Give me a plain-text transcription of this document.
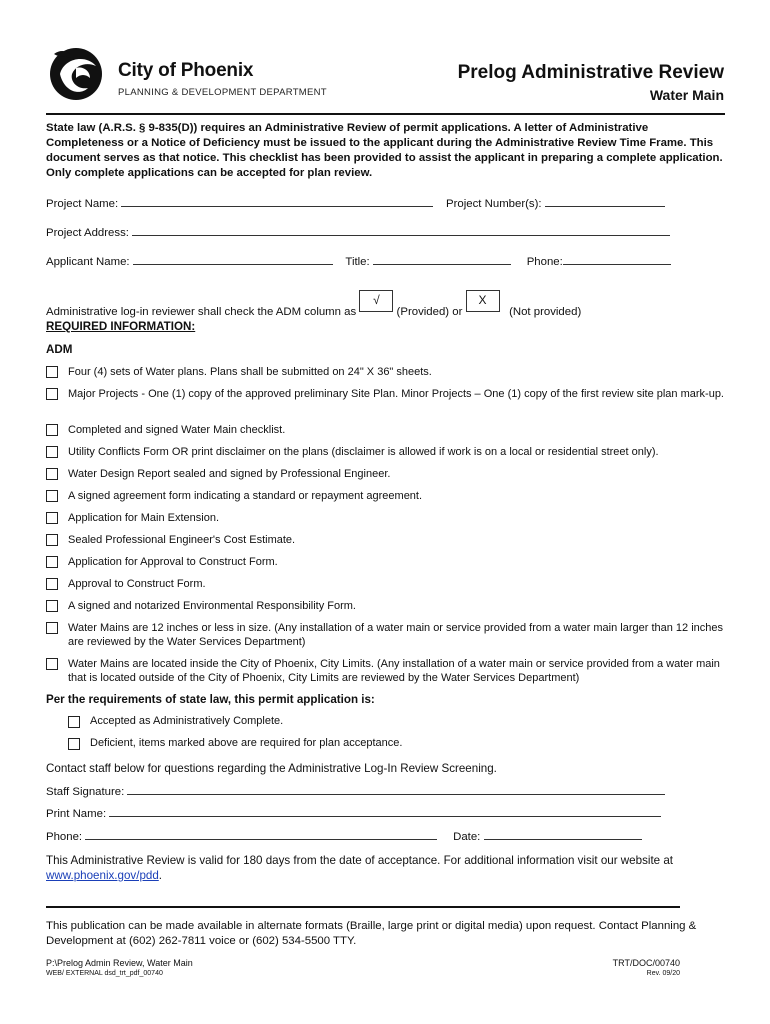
City of Phoenix
PLANNING & DEVELOPMENT DEPARTMENT
Prelog Administrative Review
Water Main
State law (A.R.S. § 9-835(D)) requires an Administrative Review of permit applications. A letter of Administrative Completeness or a Notice of Deficiency must be issued to the applicant during the Administrative Review Time Frame. This document serves as that notice. This checklist has been provided to assist the applicant in preparing a complete application. Only complete applications can be accepted for plan review.
Project Name:	Project Number(s):
Project Address:
Applicant Name:	Title:	Phone:
Administrative log-in reviewer shall check the ADM column as √ (Provided) or X   (Not provided)
REQUIRED INFORMATION:
ADM
Four (4) sets of Water plans. Plans shall be submitted on 24" X 36" sheets.
Major Projects - One (1) copy of the approved preliminary Site Plan. Minor Projects – One (1) copy of the first review site plan mark-up.
Completed and signed Water Main checklist.
Utility Conflicts Form OR print disclaimer on the plans (disclaimer is allowed if work is on a local or residential street only).
Water Design Report sealed and signed by Professional Engineer.
A signed agreement form indicating a standard or repayment agreement.
Application for Main Extension.
Sealed Professional Engineer's Cost Estimate.
Application for Approval to Construct Form.
Approval to Construct Form.
A signed and notarized Environmental Responsibility Form.
Water Mains are 12 inches or less in size. (Any installation of a water main or service provided from a water main larger than 12 inches are reviewed by the Water Services Department)
Water Mains are located inside the City of Phoenix, City Limits. (Any installation of a water main or service provided from a water main that is located outside of the City of Phoenix, City Limits are reviewed by the Water Services Department)
Per the requirements of state law, this permit application is:
Accepted as Administratively Complete.
Deficient, items marked above are required for plan acceptance.
Contact staff below for questions regarding the Administrative Log-In Review Screening.
Staff Signature:
Print Name:
Phone:	Date:
This Administrative Review is valid for 180 days from the date of acceptance. For additional information visit our website at www.phoenix.gov/pdd.
This publication can be made available in alternate formats (Braille, large print or digital media) upon request. Contact Planning & Development at (602) 262-7811 voice or (602) 534-5500 TTY.
P:\Prelog Admin Review, Water Main
WEB/ EXTERNAL dsd_trt_pdf_00740
TRT/DOC/00740
Rev. 09/20
